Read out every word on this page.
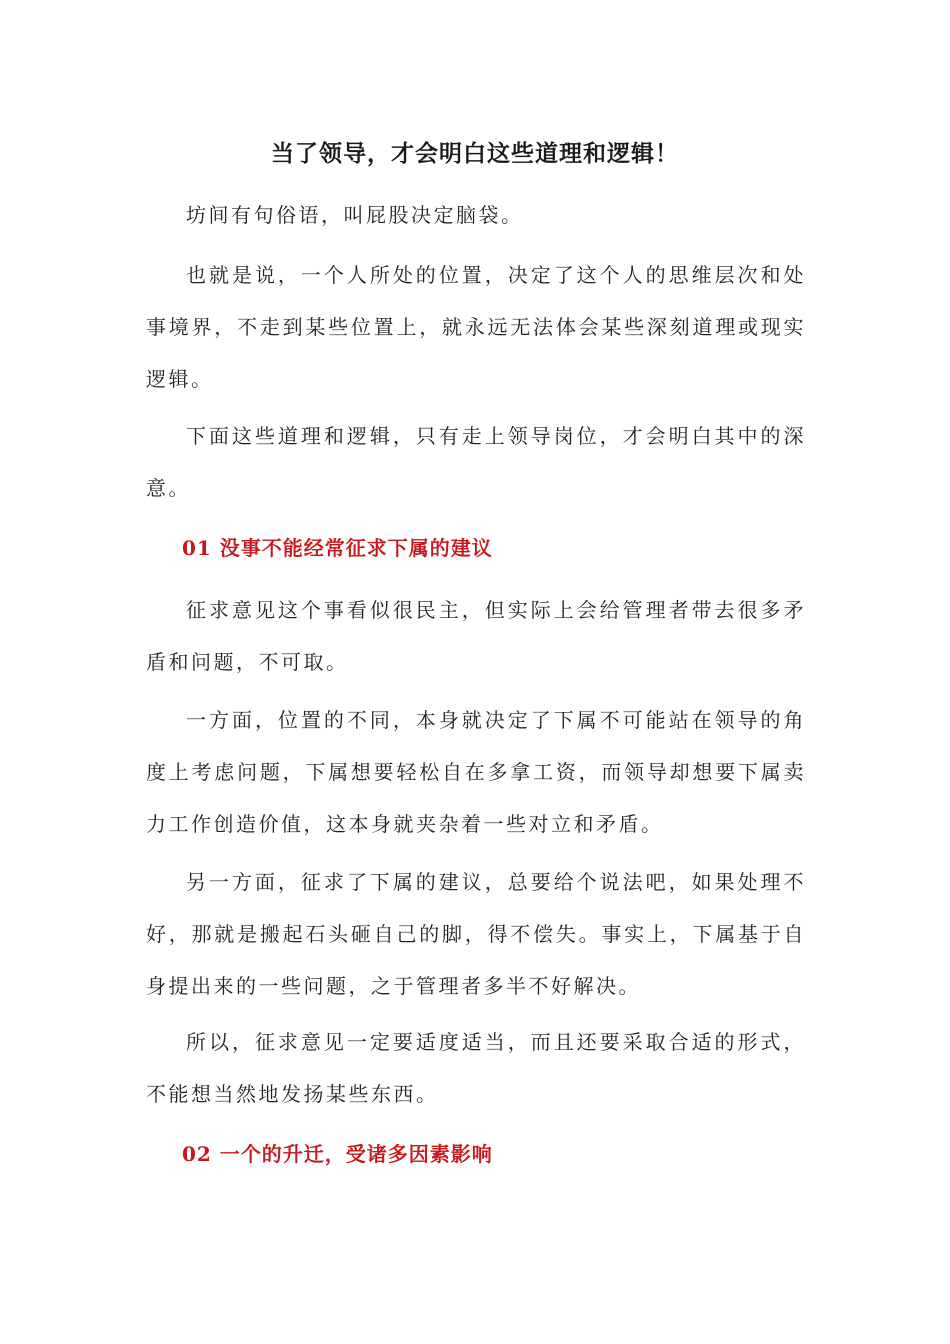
当了领导，才会明白这些道理和逻辑！
坊间有句俗语，叫屁股决定脑袋。
也就是说，一个人所处的位置，决定了这个人的思维层次和处事境界，不走到某些位置上，就永远无法体会某些深刻道理或现实逻辑。
下面这些道理和逻辑，只有走上领导岗位，才会明白其中的深意。
01 没事不能经常征求下属的建议
征求意见这个事看似很民主，但实际上会给管理者带去很多矛盾和问题，不可取。
一方面，位置的不同，本身就决定了下属不可能站在领导的角度上考虑问题，下属想要轻松自在多拿工资，而领导却想要下属卖力工作创造价值，这本身就夹杂着一些对立和矛盾。
另一方面，征求了下属的建议，总要给个说法吧，如果处理不好，那就是搬起石头砸自己的脚，得不偿失。事实上，下属基于自身提出来的一些问题，之于管理者多半不好解决。
所以，征求意见一定要适度适当，而且还要采取合适的形式，不能想当然地发扬某些东西。
02 一个的升迁，受诸多因素影响
